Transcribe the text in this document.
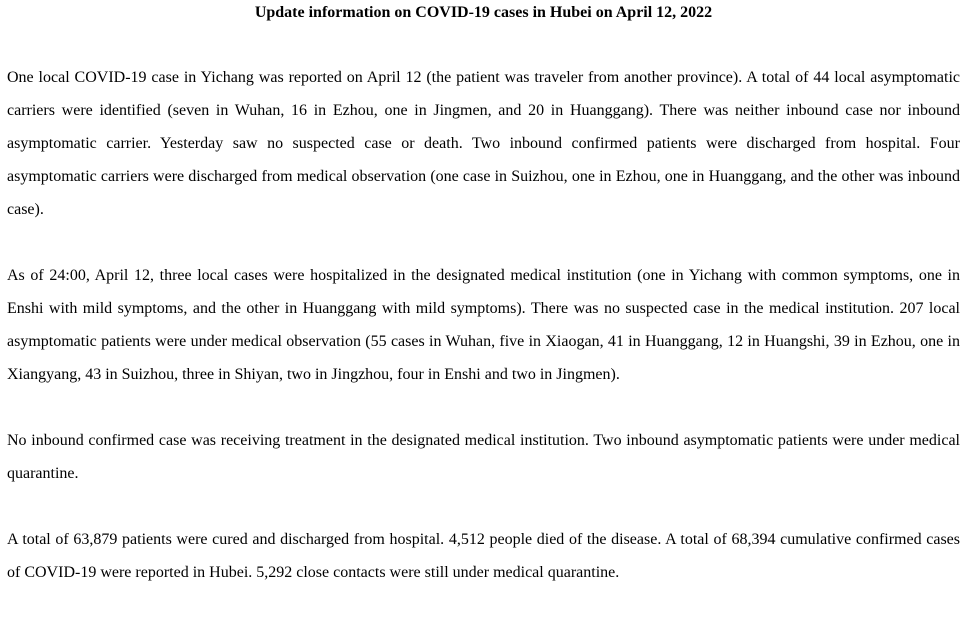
Update information on COVID-19 cases in Hubei on April 12, 2022

One local COVID-19 case in Yichang was reported on April 12 (the patient was traveler from another province). A total of 44 local asymptomatic carriers were identified (seven in Wuhan, 16 in Ezhou, one in Jingmen, and 20 in Huanggang). There was neither inbound case nor inbound asymptomatic carrier. Yesterday saw no suspected case or death. Two inbound confirmed patients were discharged from hospital. Four asymptomatic carriers were discharged from medical observation (one case in Suizhou, one in Ezhou, one in Huanggang, and the other was inbound case).

As of 24:00, April 12, three local cases were hospitalized in the designated medical institution (one in Yichang with common symptoms, one in Enshi with mild symptoms, and the other in Huanggang with mild symptoms). There was no suspected case in the medical institution. 207 local asymptomatic patients were under medical observation (55 cases in Wuhan, five in Xiaogan, 41 in Huanggang, 12 in Huangshi, 39 in Ezhou, one in Xiangyang, 43 in Suizhou, three in Shiyan, two in Jingzhou, four in Enshi and two in Jingmen).

No inbound confirmed case was receiving treatment in the designated medical institution. Two inbound asymptomatic patients were under medical quarantine.

A total of 63,879 patients were cured and discharged from hospital. 4,512 people died of the disease. A total of 68,394 cumulative confirmed cases of COVID-19 were reported in Hubei. 5,292 close contacts were still under medical quarantine.
